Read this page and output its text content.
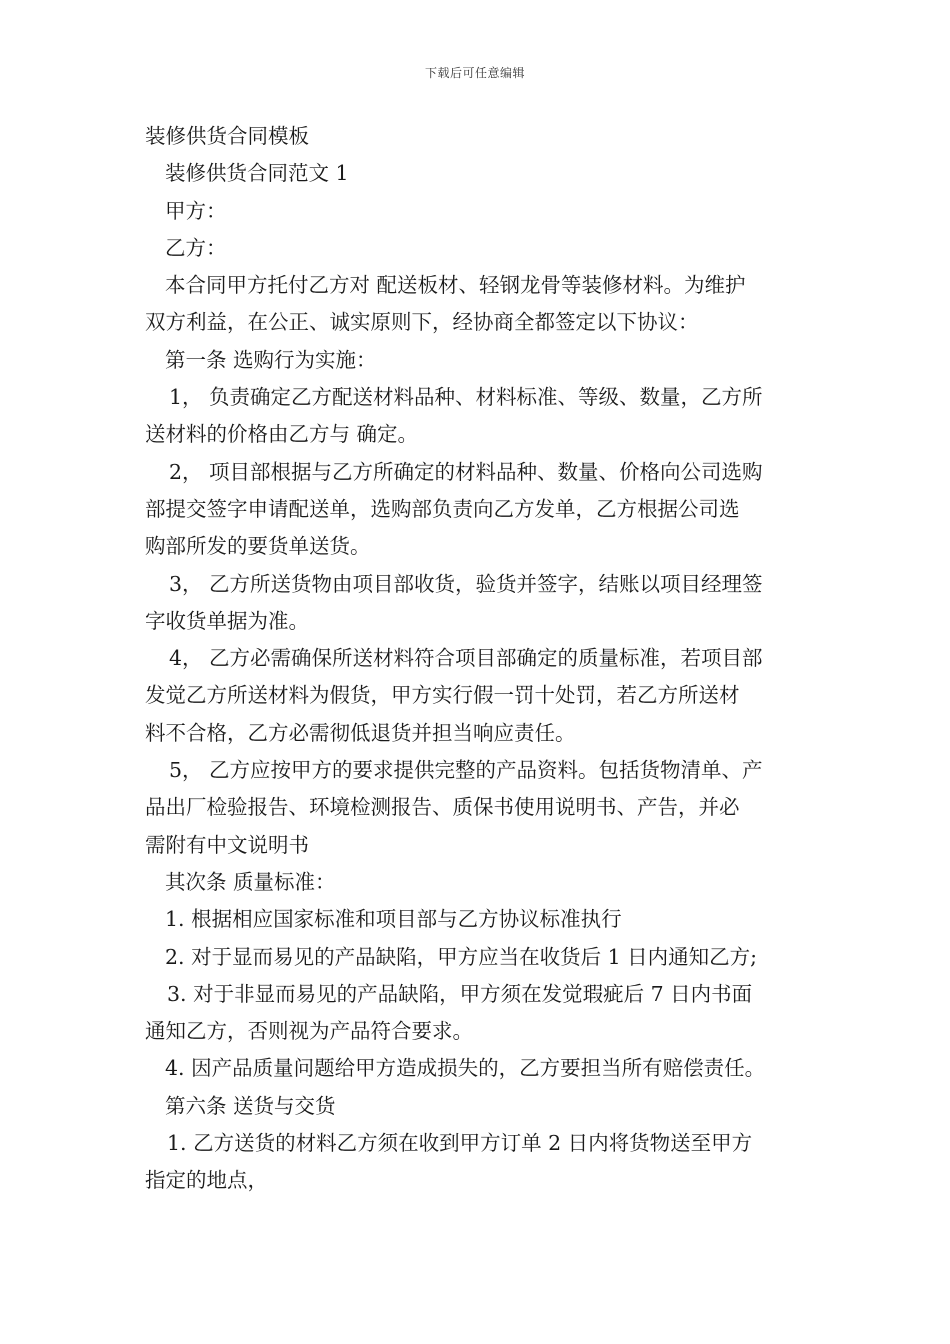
下载后可任意编辑
装修供货合同模板
装修供货合同范文 1
甲方：
乙方：
本合同甲方托付乙方对 配送板材、轻钢龙骨等装修材料。为维护
双方利益，在公正、诚实原则下，经协商全都签定以下协议：
第一条 选购行为实施：
1， 负责确定乙方配送材料品种、材料标准、等级、数量，乙方所
送材料的价格由乙方与 确定。
2， 项目部根据与乙方所确定的材料品种、数量、价格向公司选购
部提交签字申请配送单，选购部负责向乙方发单，乙方根据公司选
购部所发的要货单送货。
3， 乙方所送货物由项目部收货，验货并签字，结账以项目经理签
字收货单据为准。
4， 乙方必需确保所送材料符合项目部确定的质量标准，若项目部
发觉乙方所送材料为假货，甲方实行假一罚十处罚，若乙方所送材
料不合格，乙方必需彻低退货并担当响应责任。
5， 乙方应按甲方的要求提供完整的产品资料。包括货物清单、产
品出厂检验报告、环境检测报告、质保书使用说明书、产告，并必
需附有中文说明书
其次条 质量标准：
1. 根据相应国家标准和项目部与乙方协议标准执行
2. 对于显而易见的产品缺陷，甲方应当在收货后 1 日内通知乙方;
3. 对于非显而易见的产品缺陷，甲方须在发觉瑕疵后 7 日内书面
通知乙方，否则视为产品符合要求。
4. 因产品质量问题给甲方造成损失的，乙方要担当所有赔偿责任。
第六条 送货与交货
1. 乙方送货的材料乙方须在收到甲方订单 2 日内将货物送至甲方
指定的地点，
